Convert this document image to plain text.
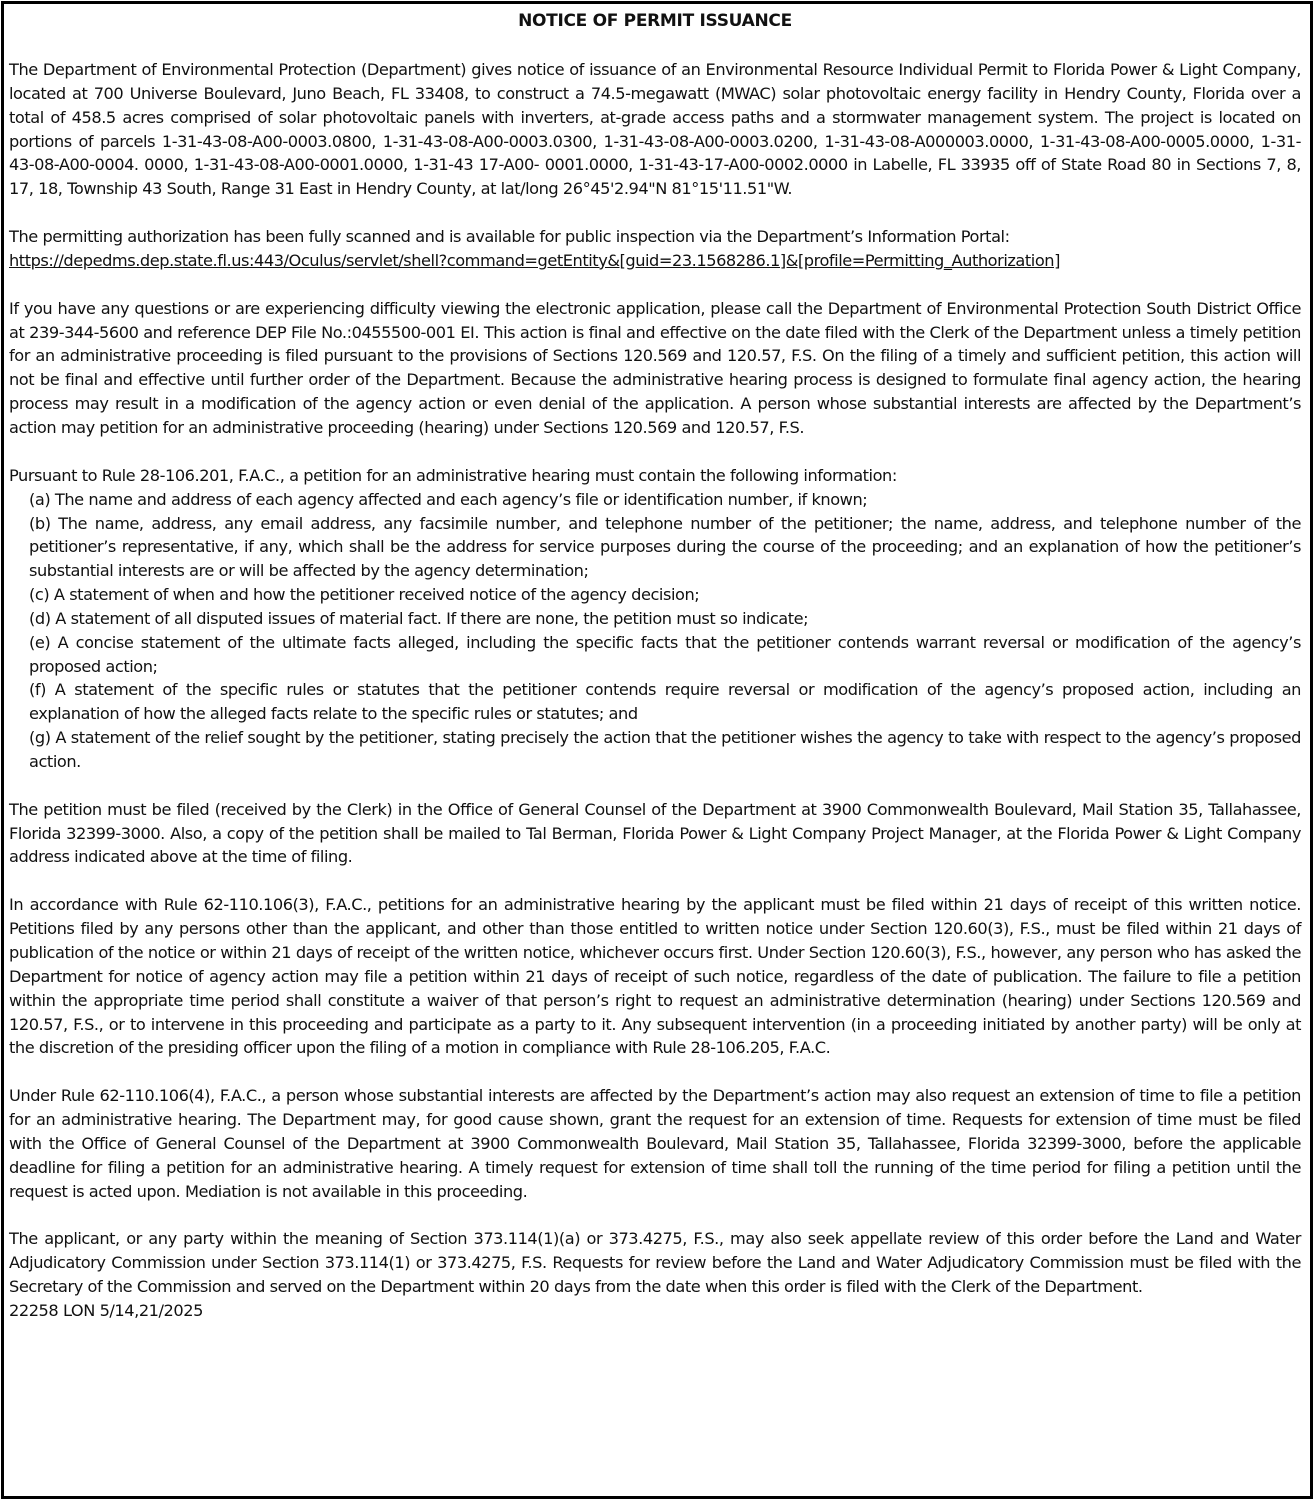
NOTICE OF PERMIT ISSUANCE

The Department of Environmental Protection (Department) gives notice of issuance of an Environmental Resource Individual Permit to Florida Power & Light Company, located at 700 Universe Boulevard, Juno Beach, FL 33408, to construct a 74.5-megawatt (MWAC) solar photovoltaic energy facility in Hendry County, Florida over a total of 458.5 acres comprised of solar photovoltaic panels with inverters, at-grade access paths and a stormwater management system. The project is located on portions of parcels 1-31-43-08-A00-0003.0800, 1-31-43-08-A00-0003.0300, 1-31-43-08-A00-0003.0200, 1-31-43-08-A000003.0000, 1-31-43-08-A00-0005.0000, 1-31-43-08-A00-0004. 0000, 1-31-43-08-A00-0001.0000, 1-31-43 17-A00- 0001.0000, 1-31-43-17-A00-0002.0000 in Labelle, FL 33935 off of State Road 80 in Sections 7, 8, 17, 18, Township 43 South, Range 31 East in Hendry County, at lat/long 26°45'2.94"N 81°15'11.51"W.

The permitting authorization has been fully scanned and is available for public inspection via the Department’s Information Portal:
https://depedms.dep.state.fl.us:443/Oculus/servlet/shell?command=getEntity&[guid=23.1568286.1]&[profile=Permitting_Authorization]

If you have any questions or are experiencing difficulty viewing the electronic application, please call the Department of Environmental Protection South District Office at 239-344-5600 and reference DEP File No.:0455500-001 EI. This action is final and effective on the date filed with the Clerk of the Department unless a timely petition for an administrative proceeding is filed pursuant to the provisions of Sections 120.569 and 120.57, F.S. On the filing of a timely and sufficient petition, this action will not be final and effective until further order of the Department. Because the administrative hearing process is designed to formulate final agency action, the hearing process may result in a modification of the agency action or even denial of the application. A person whose substantial interests are affected by the Department’s action may petition for an administrative proceeding (hearing) under Sections 120.569 and 120.57, F.S.

Pursuant to Rule 28-106.201, F.A.C., a petition for an administrative hearing must contain the following information:

(a) The name and address of each agency affected and each agency’s file or identification number, if known;
(b) The name, address, any email address, any facsimile number, and telephone number of the petitioner; the name, address, and telephone number of the petitioner’s representative, if any, which shall be the address for service purposes during the course of the proceeding; and an explanation of how the petitioner’s substantial interests are or will be affected by the agency determination;
(c) A statement of when and how the petitioner received notice of the agency decision;
(d) A statement of all disputed issues of material fact. If there are none, the petition must so indicate;
(e) A concise statement of the ultimate facts alleged, including the specific facts that the petitioner contends warrant reversal or modification of the agency’s proposed action;
(f) A statement of the specific rules or statutes that the petitioner contends require reversal or modification of the agency’s proposed action, including an explanation of how the alleged facts relate to the specific rules or statutes; and
(g) A statement of the relief sought by the petitioner, stating precisely the action that the petitioner wishes the agency to take with respect to the agency’s proposed action.

The petition must be filed (received by the Clerk) in the Office of General Counsel of the Department at 3900 Commonwealth Boulevard, Mail Station 35, Tallahassee, Florida 32399-3000. Also, a copy of the petition shall be mailed to Tal Berman, Florida Power & Light Company Project Manager, at the Florida Power & Light Company address indicated above at the time of filing.

In accordance with Rule 62-110.106(3), F.A.C., petitions for an administrative hearing by the applicant must be filed within 21 days of receipt of this written notice. Petitions filed by any persons other than the applicant, and other than those entitled to written notice under Section 120.60(3), F.S., must be filed within 21 days of publication of the notice or within 21 days of receipt of the written notice, whichever occurs first. Under Section 120.60(3), F.S., however, any person who has asked the Department for notice of agency action may file a petition within 21 days of receipt of such notice, regardless of the date of publication. The failure to file a petition within the appropriate time period shall constitute a waiver of that person’s right to request an administrative determination (hearing) under Sections 120.569 and 120.57, F.S., or to intervene in this proceeding and participate as a party to it. Any subsequent intervention (in a proceeding initiated by another party) will be only at the discretion of the presiding officer upon the filing of a motion in compliance with Rule 28-106.205, F.A.C.

Under Rule 62-110.106(4), F.A.C., a person whose substantial interests are affected by the Department’s action may also request an extension of time to file a petition for an administrative hearing. The Department may, for good cause shown, grant the request for an extension of time. Requests for extension of time must be filed with the Office of General Counsel of the Department at 3900 Commonwealth Boulevard, Mail Station 35, Tallahassee, Florida 32399-3000, before the applicable deadline for filing a petition for an administrative hearing. A timely request for extension of time shall toll the running of the time period for filing a petition until the request is acted upon. Mediation is not available in this proceeding.

The applicant, or any party within the meaning of Section 373.114(1)(a) or 373.4275, F.S., may also seek appellate review of this order before the Land and Water Adjudicatory Commission under Section 373.114(1) or 373.4275, F.S. Requests for review before the Land and Water Adjudicatory Commission must be filed with the Secretary of the Commission and served on the Department within 20 days from the date when this order is filed with the Clerk of the Department.

22258 LON 5/14,21/2025
